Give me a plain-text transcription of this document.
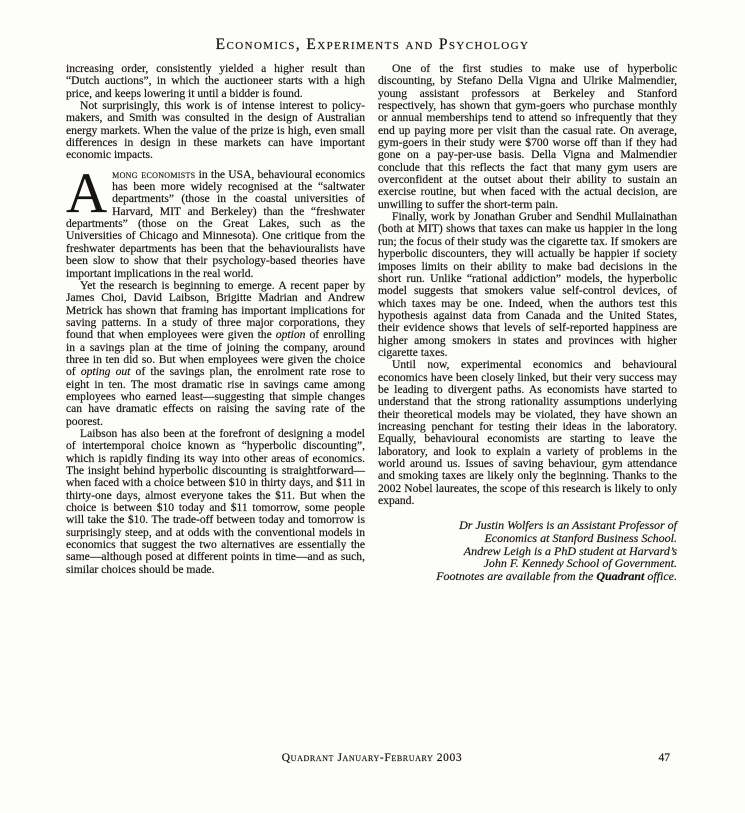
Economics, Experiments and Psychology

increasing order, consistently yielded a higher result than “Dutch auctions”, in which the auctioneer starts with a high price, and keeps lowering it until a bidder is found.

Not surprisingly, this work is of intense interest to policy-makers, and Smith was consulted in the design of Australian energy markets. When the value of the prize is high, even small differences in design in these markets can have important economic impacts.

Among economists in the USA, behavioural economics has been more widely recognised at the “saltwater departments” (those in the coastal universities of Harvard, MIT and Berkeley) than the “freshwater departments” (those on the Great Lakes, such as the Universities of Chicago and Minnesota). One critique from the freshwater departments has been that the behaviouralists have been slow to show that their psychology-based theories have important implications in the real world.

Yet the research is beginning to emerge. A recent paper by James Choi, David Laibson, Brigitte Madrian and Andrew Metrick has shown that framing has important implications for saving patterns. In a study of three major corporations, they found that when employees were given the option of enrolling in a savings plan at the time of joining the company, around three in ten did so. But when employees were given the choice of opting out of the savings plan, the enrolment rate rose to eight in ten. The most dramatic rise in savings came among employees who earned least—suggesting that simple changes can have dramatic effects on raising the saving rate of the poorest.

Laibson has also been at the forefront of designing a model of intertemporal choice known as “hyperbolic discounting”, which is rapidly finding its way into other areas of economics. The insight behind hyperbolic discounting is straightforward—when faced with a choice between $10 in thirty days, and $11 in thirty-one days, almost everyone takes the $11. But when the choice is between $10 today and $11 tomorrow, some people will take the $10. The trade-off between today and tomorrow is surprisingly steep, and at odds with the conventional models in economics that suggest the two alternatives are essentially the same—although posed at different points in time—and as such, similar choices should be made.

One of the first studies to make use of hyperbolic discounting, by Stefano Della Vigna and Ulrike Malmendier, young assistant professors at Berkeley and Stanford respectively, has shown that gym-goers who purchase monthly or annual memberships tend to attend so infrequently that they end up paying more per visit than the casual rate. On average, gym-goers in their study were $700 worse off than if they had gone on a pay-per-use basis. Della Vigna and Malmendier conclude that this reflects the fact that many gym users are overconfident at the outset about their ability to sustain an exercise routine, but when faced with the actual decision, are unwilling to suffer the short-term pain.

Finally, work by Jonathan Gruber and Sendhil Mullainathan (both at MIT) shows that taxes can make us happier in the long run; the focus of their study was the cigarette tax. If smokers are hyperbolic discounters, they will actually be happier if society imposes limits on their ability to make bad decisions in the short run. Unlike “rational addiction” models, the hyperbolic model suggests that smokers value self-control devices, of which taxes may be one. Indeed, when the authors test this hypothesis against data from Canada and the United States, their evidence shows that levels of self-reported happiness are higher among smokers in states and provinces with higher cigarette taxes.

Until now, experimental economics and behavioural economics have been closely linked, but their very success may be leading to divergent paths. As economists have started to understand that the strong rationality assumptions underlying their theoretical models may be violated, they have shown an increasing penchant for testing their ideas in the laboratory. Equally, behavioural economists are starting to leave the laboratory, and look to explain a variety of problems in the world around us. Issues of saving behaviour, gym attendance and smoking taxes are likely only the beginning. Thanks to the 2002 Nobel laureates, the scope of this research is likely to only expand.

Dr Justin Wolfers is an Assistant Professor of
Economics at Stanford Business School.
Andrew Leigh is a PhD student at Harvard’s
John F. Kennedy School of Government.
Footnotes are available from the Quadrant office.
Quadrant January-February 2003	47
